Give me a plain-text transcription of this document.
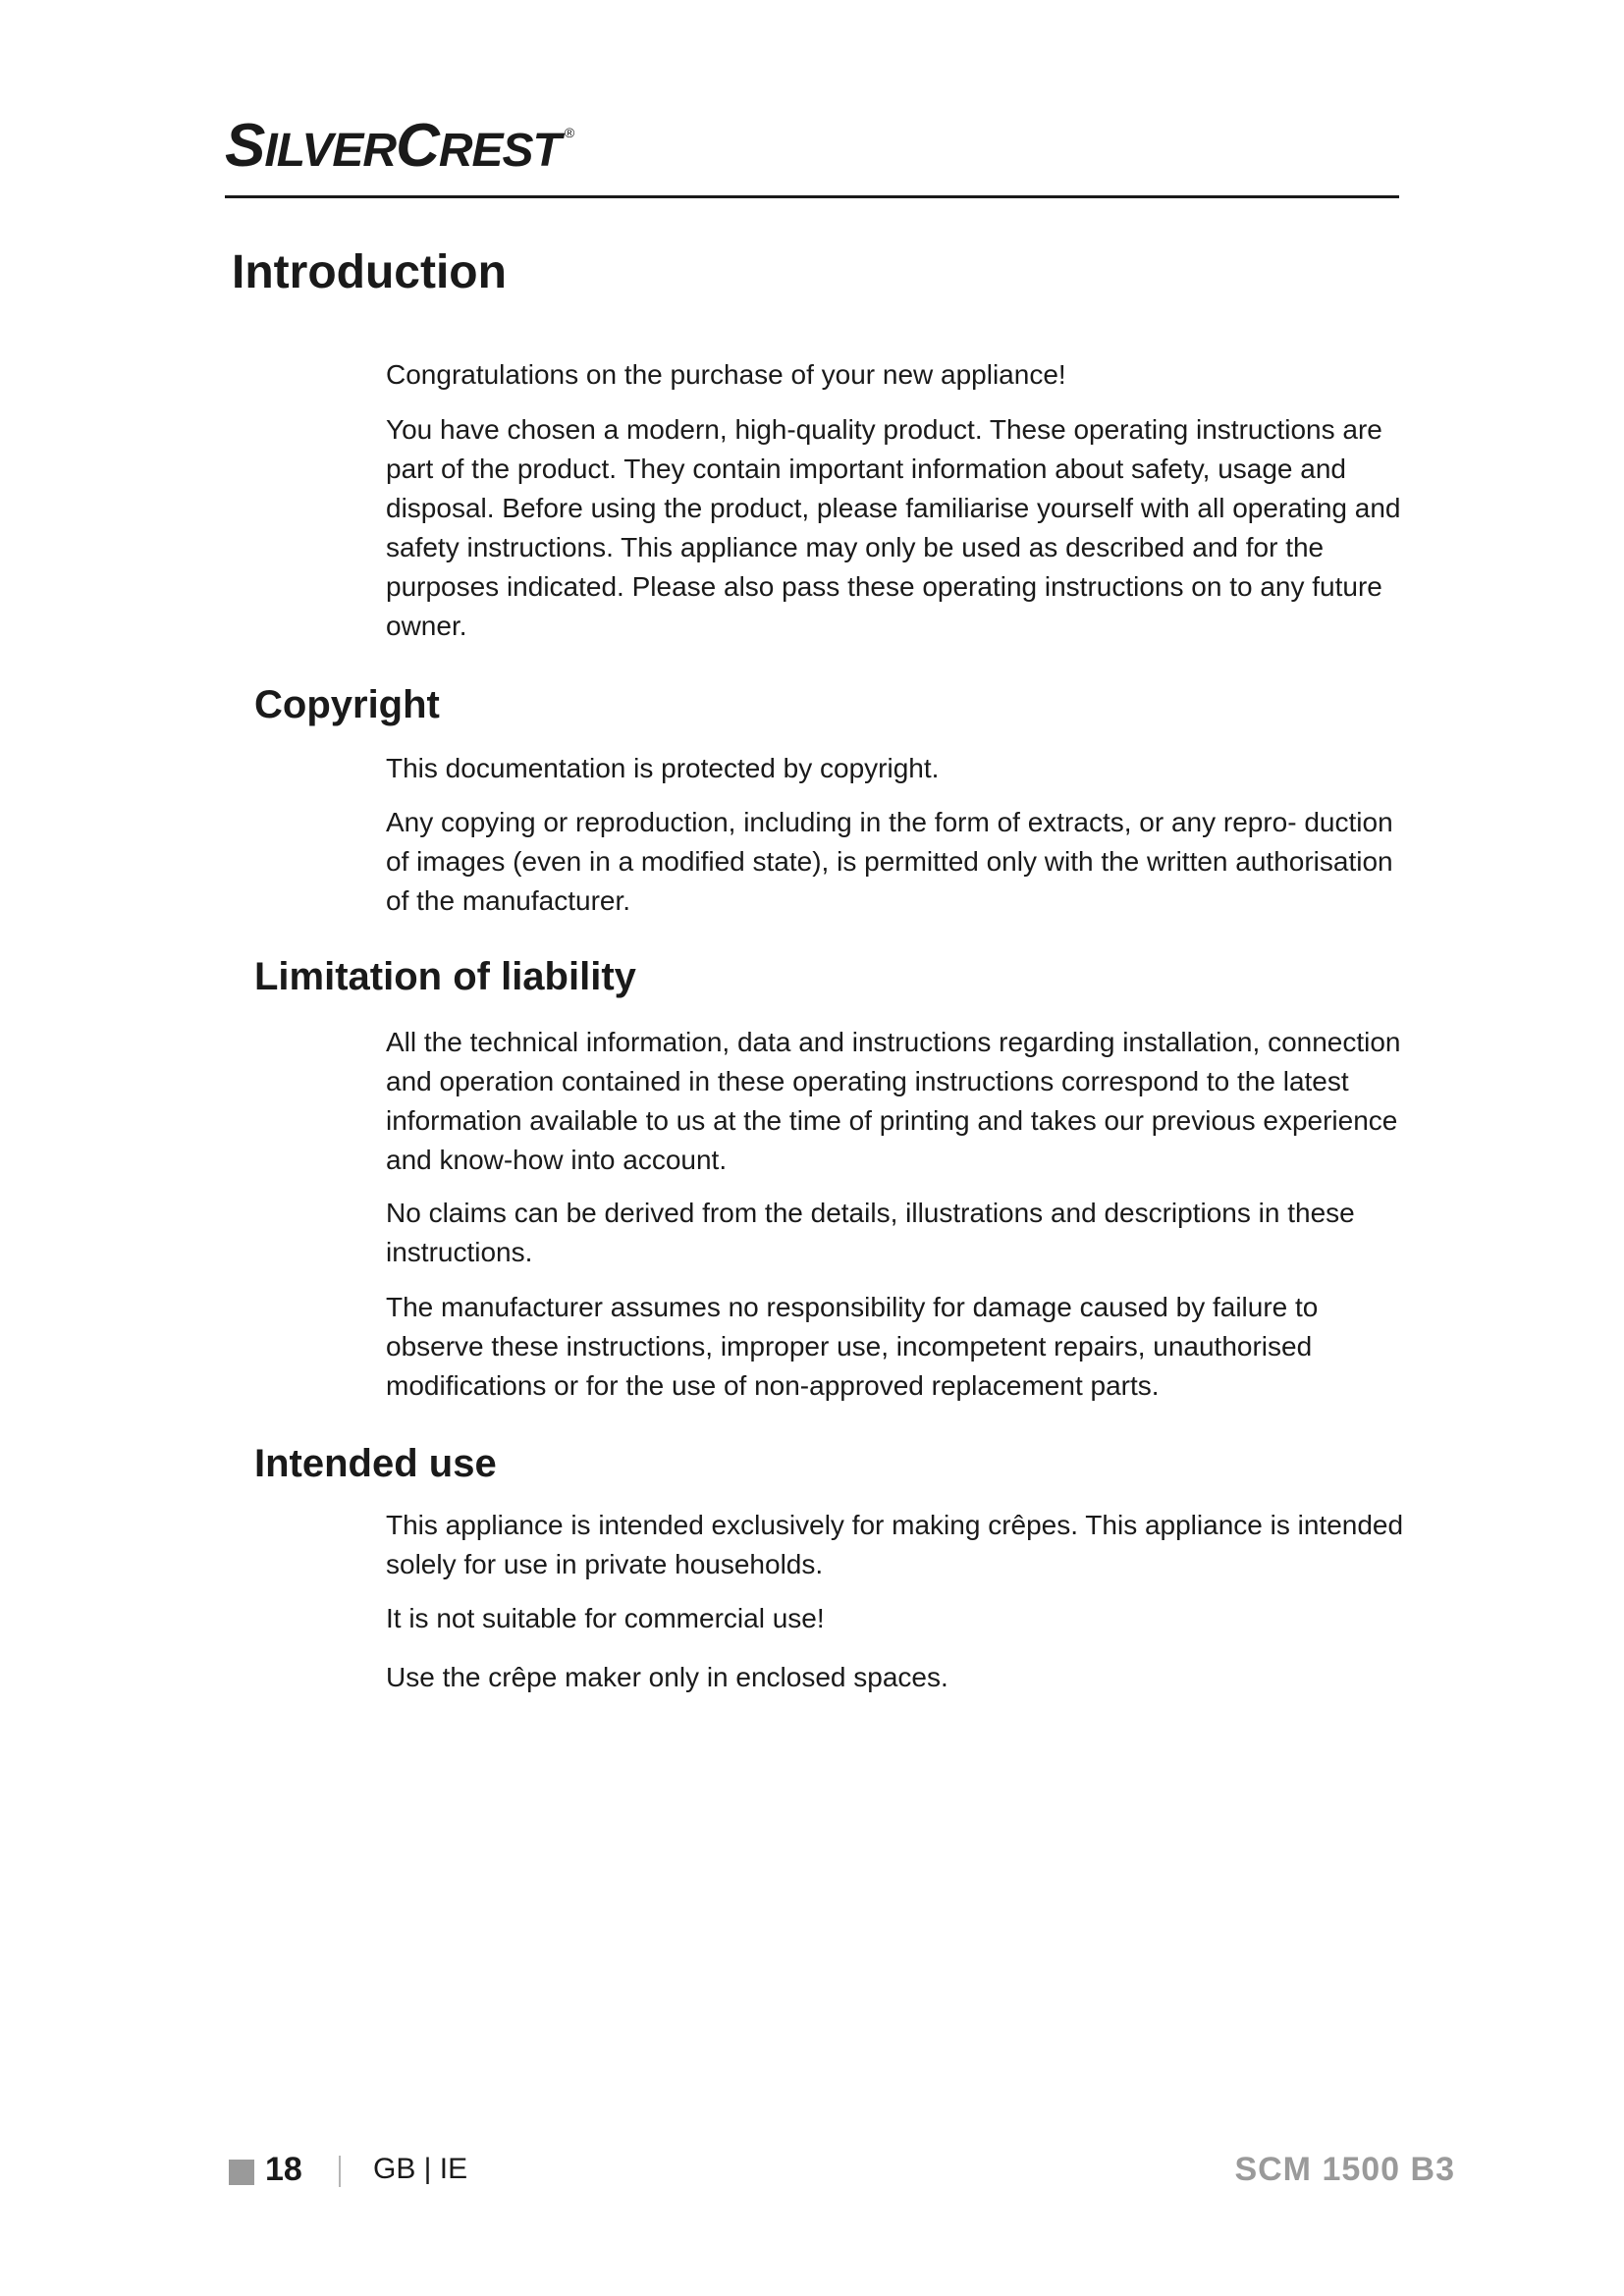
SILVERCREST ®
Introduction

Congratulations on the purchase of your new appliance!

You have chosen a modern, high-quality product. These operating instructions are part of the product. They contain important information about safety, usage and disposal. Before using the product, please familiarise yourself with all operating and safety instructions. This appliance may only be used as described and for the purposes indicated. Please also pass these operating instructions on to any future owner.

Copyright

This documentation is protected by copyright.

Any copying or reproduction, including in the form of extracts, or any repro- duction of images (even in a modified state), is permitted only with the written authorisation of the manufacturer.

Limitation of liability

All the technical information, data and instructions regarding installation, connection and operation contained in these operating instructions correspond to the latest information available to us at the time of printing and takes our previous experience and know-how into account.

No claims can be derived from the details, illustrations and descriptions in these instructions.

The manufacturer assumes no responsibility for damage caused by failure to observe these instructions, improper use, incompetent repairs, unauthorised modifications or for the use of non-approved replacement parts.

Intended use

This appliance is intended exclusively for making crêpes. This appliance is intended solely for use in private households.

It is not suitable for commercial use!

Use the crêpe maker only in enclosed spaces.

18 GB | IE	SCM 1500 B3
